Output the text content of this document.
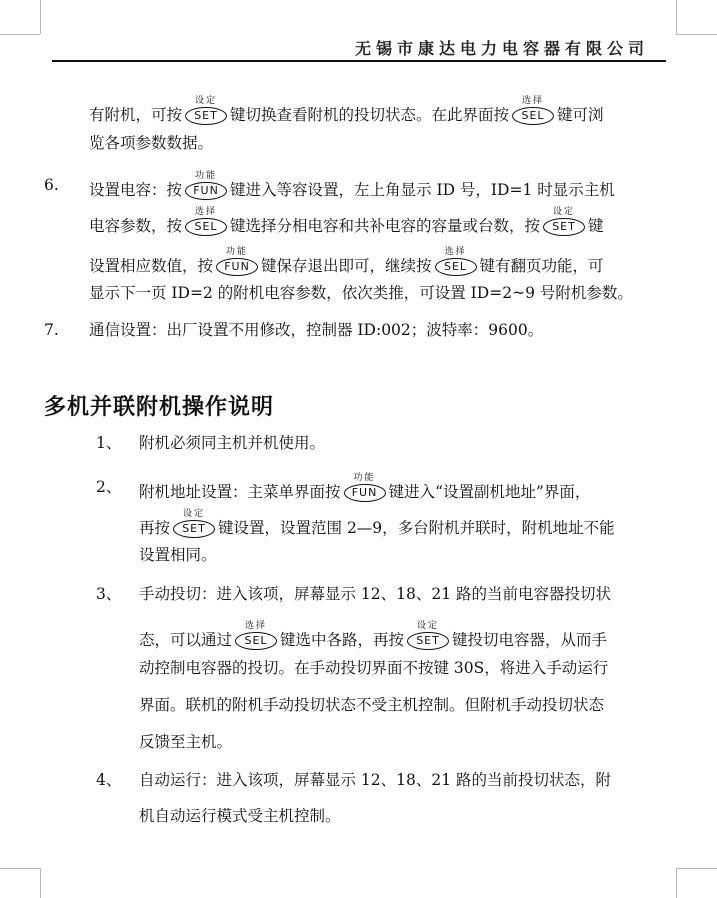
无锡市康达电力电容器有限公司
有附机，可按
设定
SET 键切换查看附机的投切状态。在此界面按
选择
SEL 键可浏
览各项参数数据。
6. 设置电容：按
功能
FUN 键进入等容设置，左上角显示 ID 号，ID=1 时显示主机
电容参数，按
选择
SEL 键选择分相电容和共补电容的容量或台数，按
设定
SET 键
设置相应数值，按
功能
FUN 键保存退出即可，继续按
选择
SEL 键有翻页功能，可
显示下一页 ID=2 的附机电容参数，依次类推，可设置 ID=2~9 号附机参数。
7. 通信设置：出厂设置不用修改，控制器 ID:002；波特率：9600。
多机并联附机操作说明
1、 附机必须同主机并机使用。
2、 附机地址设置：主菜单界面按
功能
FUN 键进入“设置副机地址”界面，
再按
设定
SET 键设置，设置范围 2—9，多台附机并联时，附机地址不能
设置相同。
3、 手动投切：进入该项，屏幕显示 12、18、21 路的当前电容器投切状
态，可以通过
选择
SEL 键选中各路，再按
设定
SET 键投切电容器，从而手
动控制电容器的投切。在手动投切界面不按键 30S，将进入手动运行
界面。联机的附机手动投切状态不受主机控制。但附机手动投切状态
反馈至主机。
4、 自动运行：进入该项，屏幕显示 12、18、21 路的当前投切状态，附
机自动运行模式受主机控制。
